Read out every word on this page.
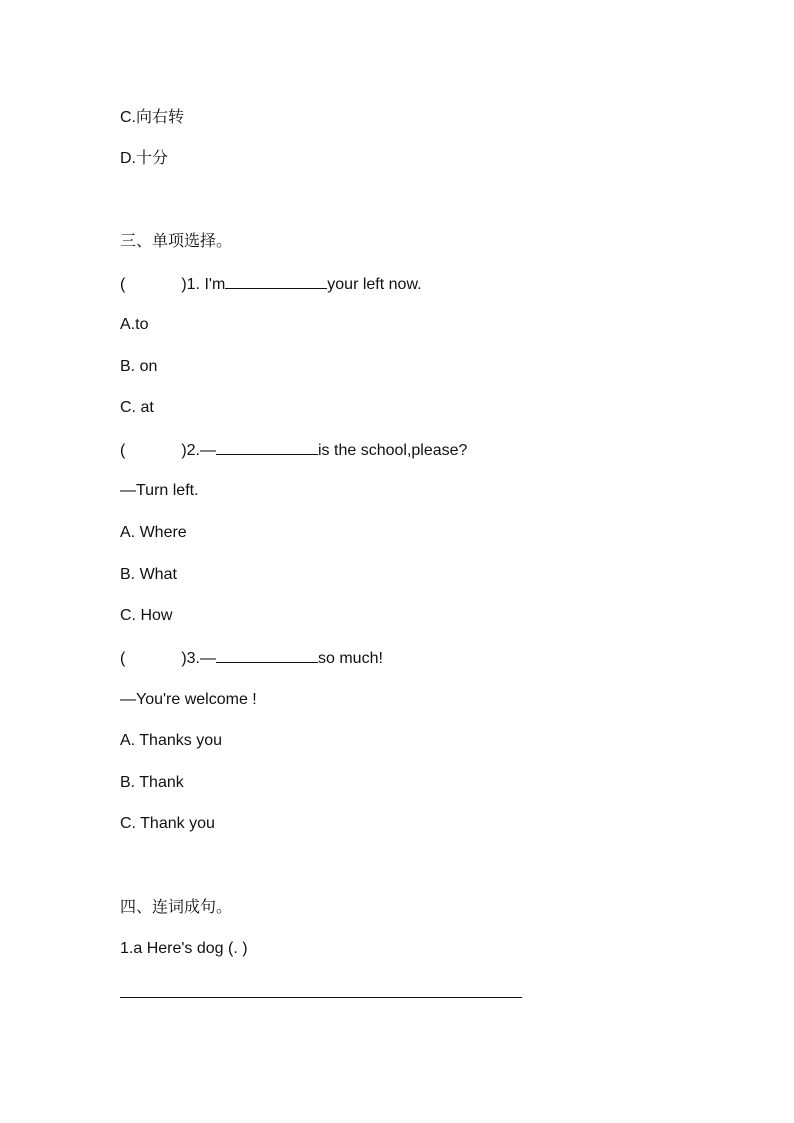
C.向右转
D.十分
三、单项选择。
(	)1. I'm	your left now.
A.to
B. on
C. at
(	)2.—	is the school,please?
—Turn left.
A. Where
B. What
C. How
(	)3.—	so much!
—You're welcome !
A. Thanks you
B. Thank
C. Thank you
四、连词成句。
1.a Here's dog (. )
